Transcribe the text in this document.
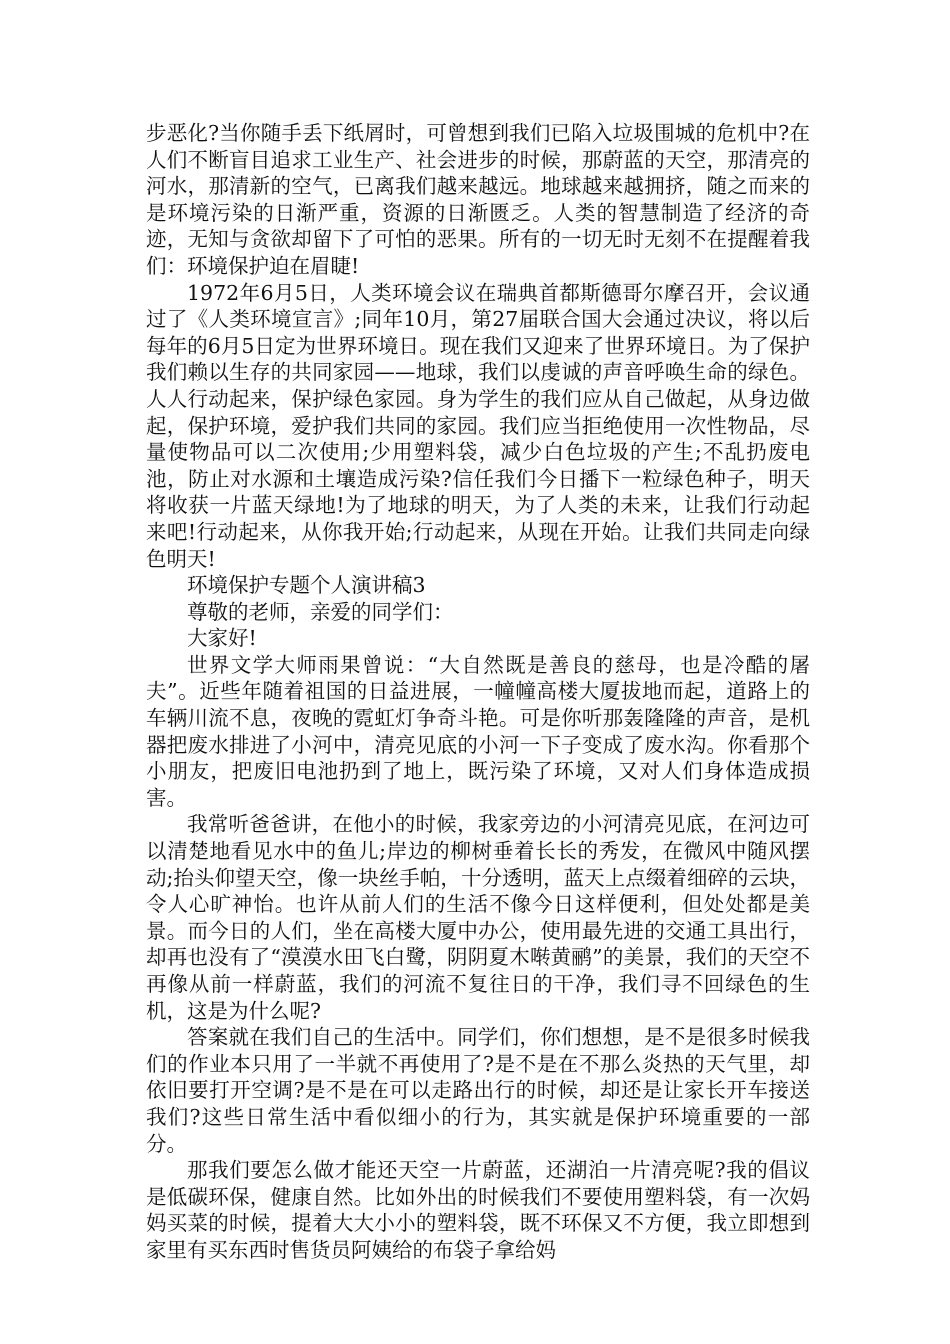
步恶化?当你随手丢下纸屑时，可曾想到我们已陷入垃圾围城的危机中?在人们不断盲目追求工业生产、社会进步的时候，那蔚蓝的天空，那清亮的河水，那清新的空气，已离我们越来越远。地球越来越拥挤，随之而来的是环境污染的日渐严重，资源的日渐匮乏。人类的智慧制造了经济的奇迹，无知与贪欲却留下了可怕的恶果。所有的一切无时无刻不在提醒着我们：环境保护迫在眉睫!

1972年6月5日，人类环境会议在瑞典首都斯德哥尔摩召开，会议通过了《人类环境宣言》;同年10月，第27届联合国大会通过决议，将以后每年的6月5日定为世界环境日。现在我们又迎来了世界环境日。为了保护我们赖以生存的共同家园——地球，我们以虔诚的声音呼唤生命的绿色。人人行动起来，保护绿色家园。身为学生的我们应从自己做起，从身边做起，保护环境，爱护我们共同的家园。我们应当拒绝使用一次性物品，尽量使物品可以二次使用;少用塑料袋，减少白色垃圾的产生;不乱扔废电池，防止对水源和土壤造成污染?信任我们今日播下一粒绿色种子，明天将收获一片蓝天绿地!为了地球的明天，为了人类的未来，让我们行动起来吧!行动起来，从你我开始;行动起来，从现在开始。让我们共同走向绿色明天!

环境保护专题个人演讲稿3

尊敬的老师，亲爱的同学们：

大家好!

世界文学大师雨果曾说：“大自然既是善良的慈母，也是冷酷的屠夫”。近些年随着祖国的日益进展，一幢幢高楼大厦拔地而起，道路上的车辆川流不息，夜晚的霓虹灯争奇斗艳。可是你听那轰隆隆的声音，是机器把废水排进了小河中，清亮见底的小河一下子变成了废水沟。你看那个小朋友，把废旧电池扔到了地上，既污染了环境，又对人们身体造成损害。

我常听爸爸讲，在他小的时候，我家旁边的小河清亮见底，在河边可以清楚地看见水中的鱼儿;岸边的柳树垂着长长的秀发，在微风中随风摆动;抬头仰望天空，像一块丝手帕，十分透明，蓝天上点缀着细碎的云块，令人心旷神怡。也许从前人们的生活不像今日这样便利，但处处都是美景。而今日的人们，坐在高楼大厦中办公，使用最先进的交通工具出行，却再也没有了“漠漠水田飞白鹭，阴阴夏木啭黄鹂”的美景，我们的天空不再像从前一样蔚蓝，我们的河流不复往日的干净，我们寻不回绿色的生机，这是为什么呢?

答案就在我们自己的生活中。同学们，你们想想，是不是很多时候我们的作业本只用了一半就不再使用了?是不是在不那么炎热的天气里，却依旧要打开空调?是不是在可以走路出行的时候，却还是让家长开车接送我们?这些日常生活中看似细小的行为，其实就是保护环境重要的一部分。

那我们要怎么做才能还天空一片蔚蓝，还湖泊一片清亮呢?我的倡议是低碳环保，健康自然。比如外出的时候我们不要使用塑料袋，有一次妈妈买菜的时候，提着大大小小的塑料袋，既不环保又不方便，我立即想到家里有买东西时售货员阿姨给的布袋子拿给妈
